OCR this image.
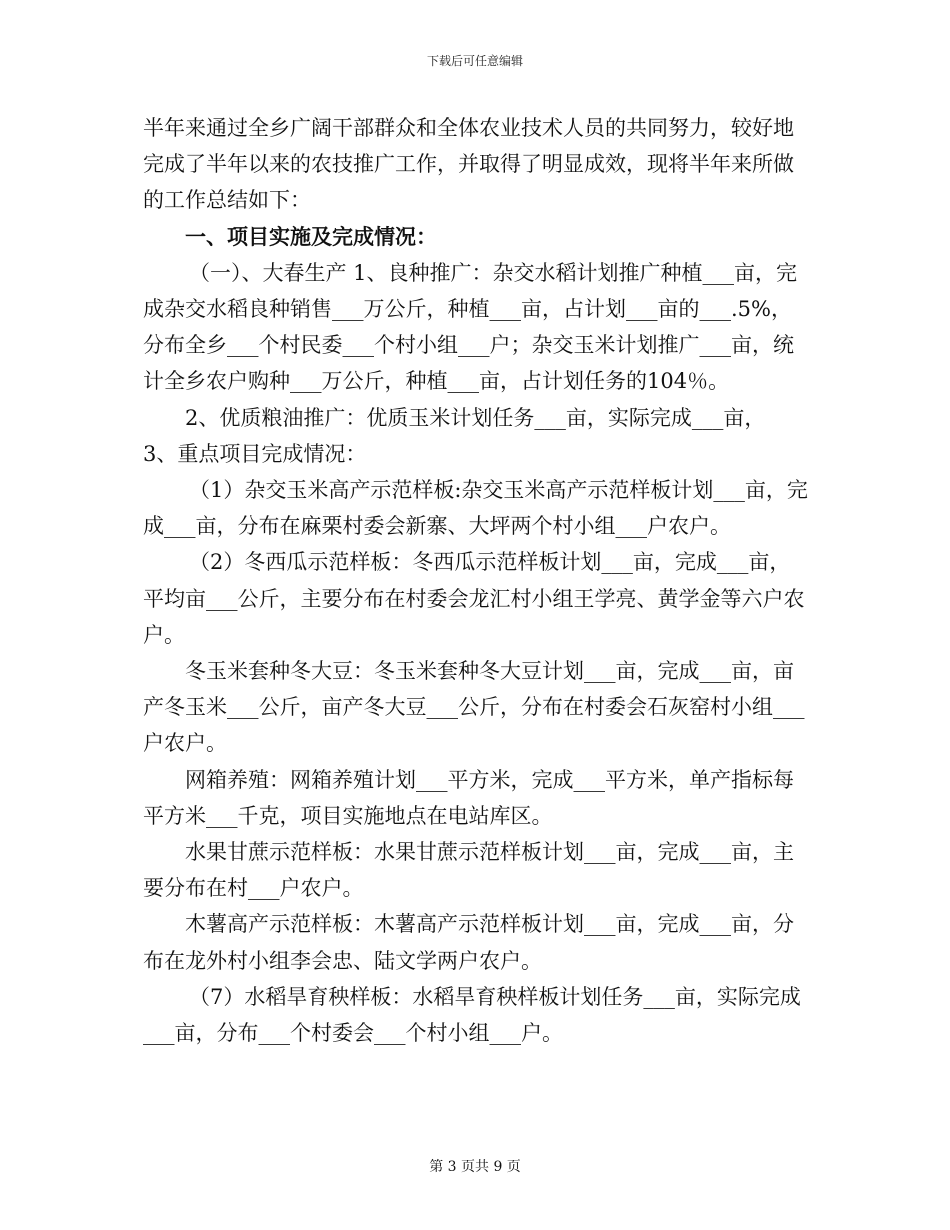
下载后可任意编辑

半年来通过全乡广阔干部群众和全体农业技术人员的共同努力，较好地完成了半年以来的农技推广工作，并取得了明显成效，现将半年来所做的工作总结如下：

一、项目实施及完成情况：

（一）、大春生产 1、良种推广：杂交水稻计划推广种植___亩，完成杂交水稻良种销售___万公斤，种植___亩，占计划___亩的___.5%，分布全乡___个村民委___个村小组___户；杂交玉米计划推广___亩，统计全乡农户购种___万公斤，种植___亩，占计划任务的104％。

2、优质粮油推广：优质玉米计划任务___亩，实际完成___亩，

3、重点项目完成情况：

（1）杂交玉米高产示范样板:杂交玉米高产示范样板计划___亩，完成___亩，分布在麻栗村委会新寨、大坪两个村小组___户农户。

（2）冬西瓜示范样板：冬西瓜示范样板计划___亩，完成___亩，平均亩___公斤，主要分布在村委会龙汇村小组王学亮、黄学金等六户农户。

冬玉米套种冬大豆：冬玉米套种冬大豆计划___亩，完成___亩，亩产冬玉米___公斤，亩产冬大豆___公斤，分布在村委会石灰窑村小组___户农户。

网箱养殖：网箱养殖计划___平方米，完成___平方米，单产指标每平方米___千克，项目实施地点在电站库区。

水果甘蔗示范样板：水果甘蔗示范样板计划___亩，完成___亩，主要分布在村___户农户。

木薯高产示范样板：木薯高产示范样板计划___亩，完成___亩，分布在龙外村小组李会忠、陆文学两户农户。

（7）水稻旱育秧样板：水稻旱育秧样板计划任务___亩，实际完成___亩，分布___个村委会___个村小组___户。

第 3 页共 9 页
